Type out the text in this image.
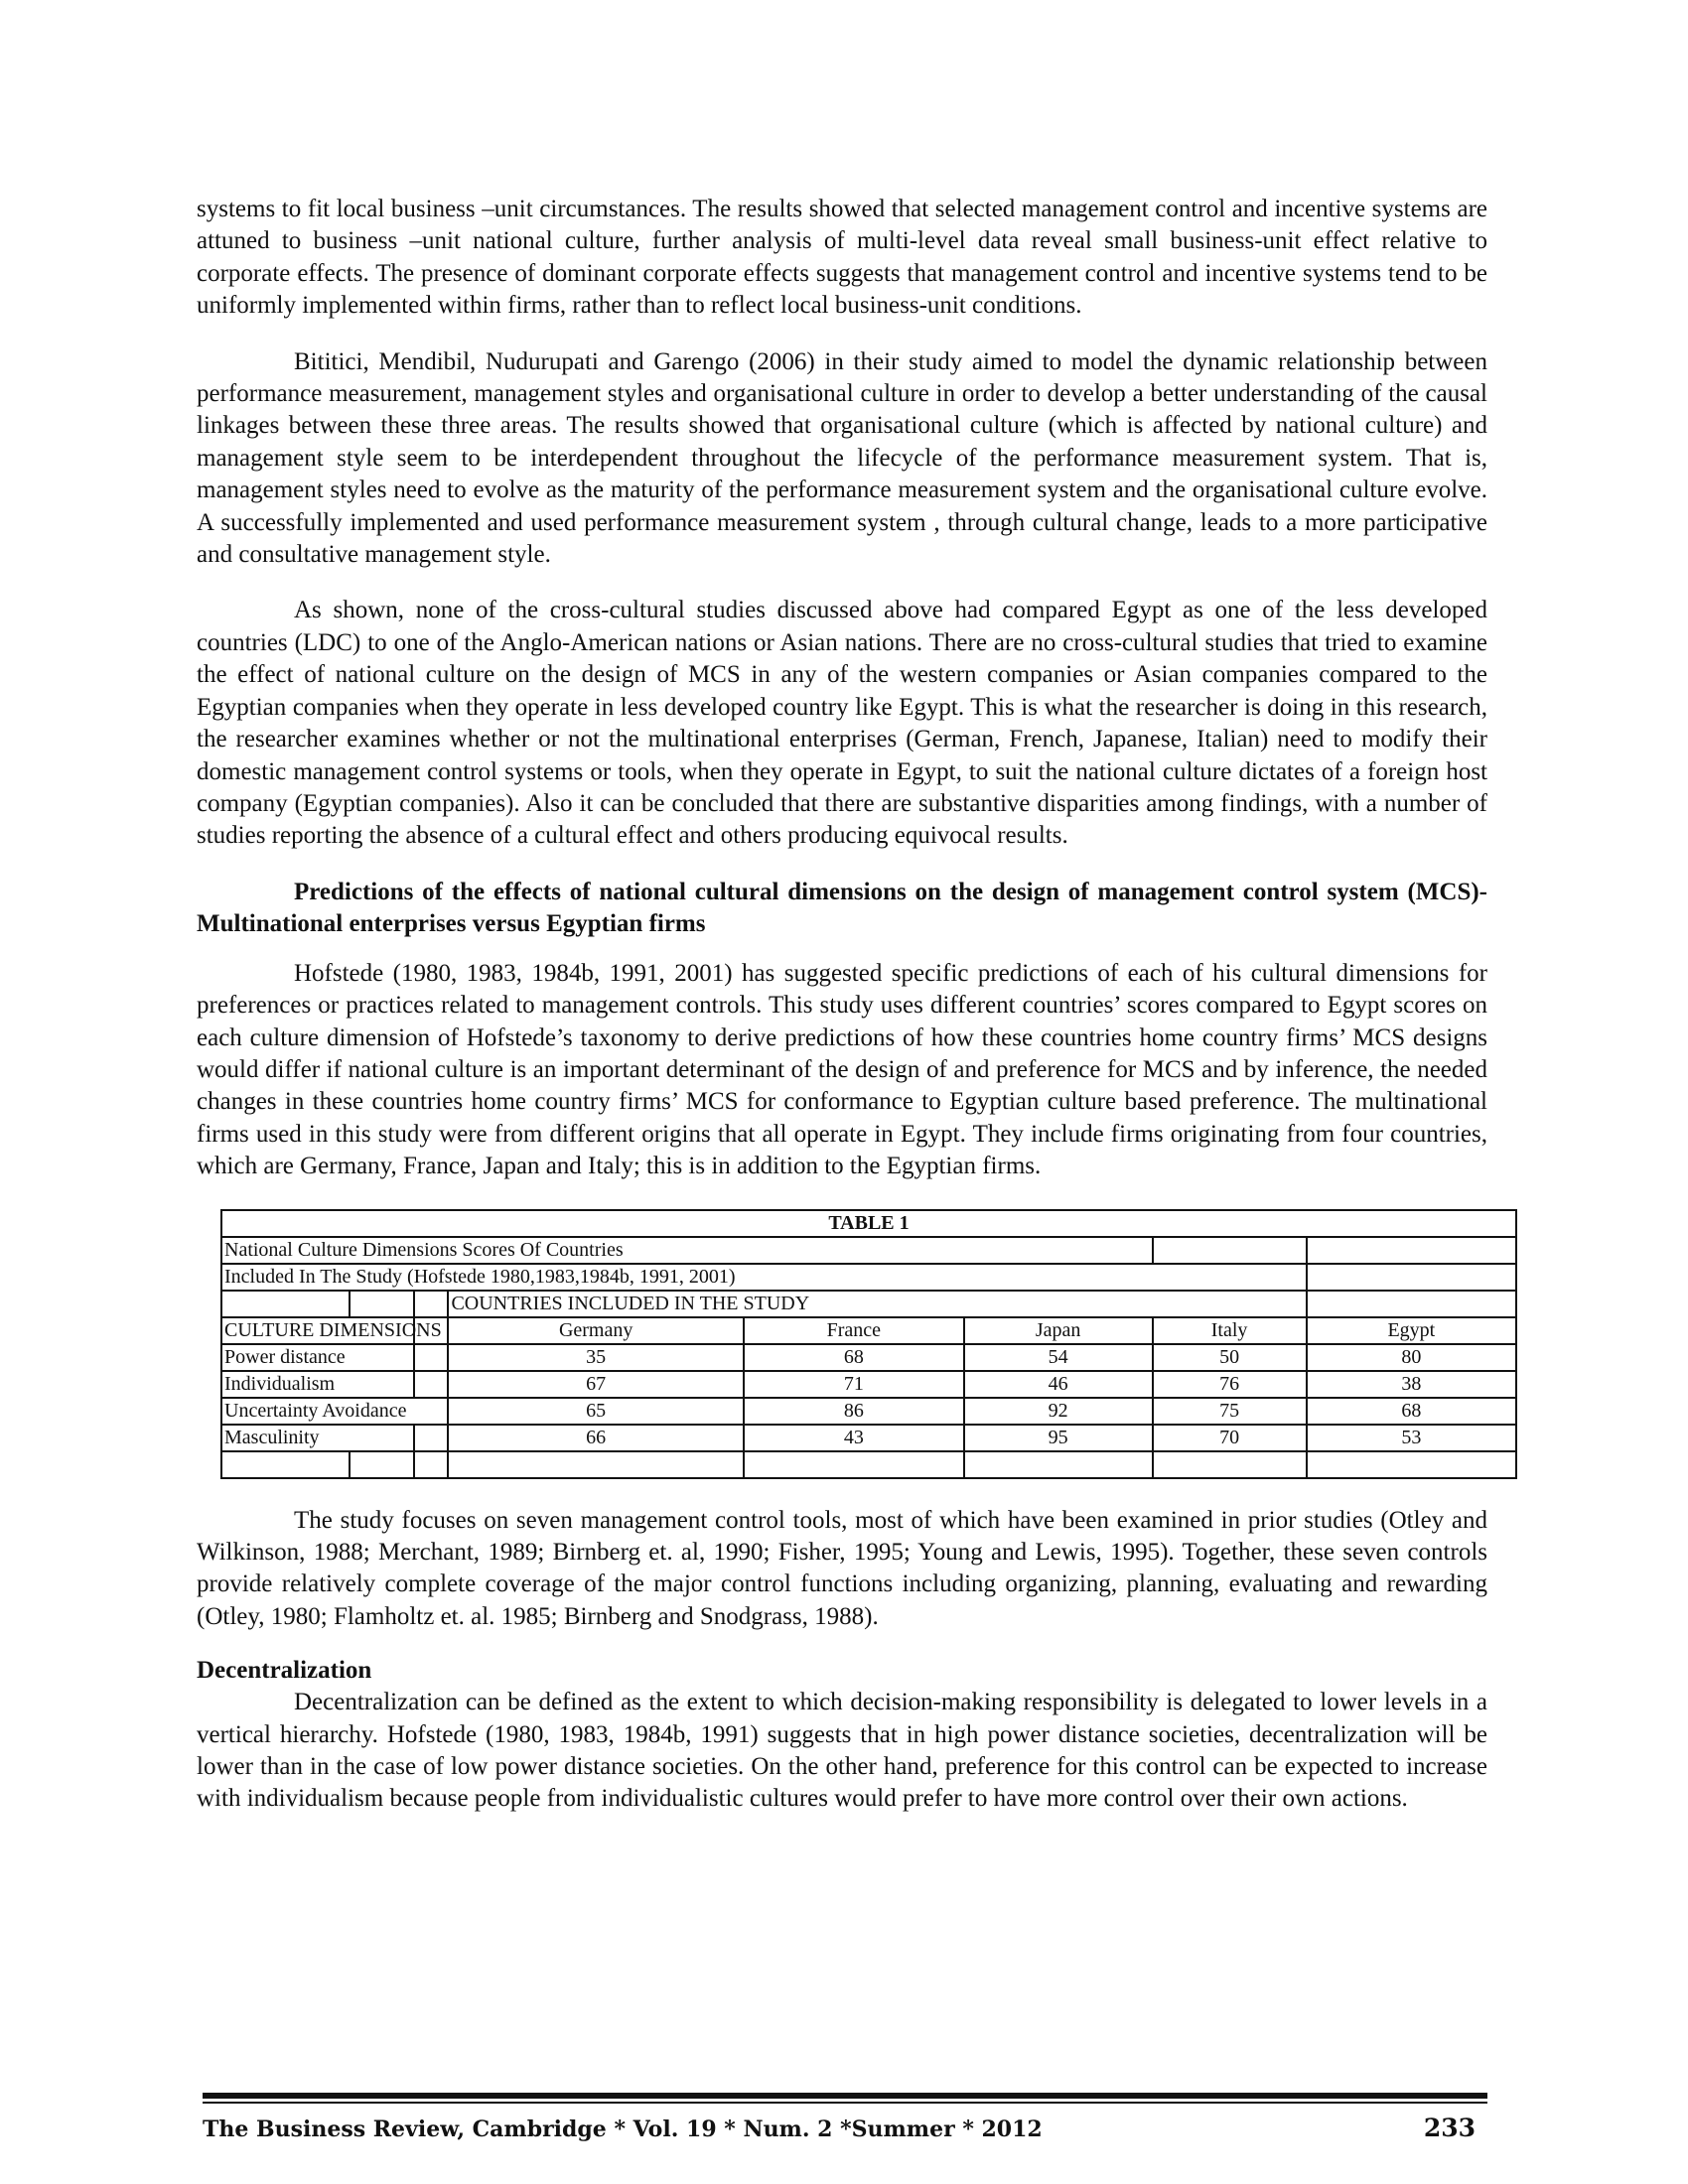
systems to fit local business –unit circumstances. The results showed that selected management control and incentive systems are attuned to business –unit national culture, further analysis of multi-level data reveal small business-unit effect relative to corporate effects. The presence of dominant corporate effects suggests that management control and incentive systems tend to be uniformly implemented within firms, rather than to reflect local business-unit conditions.

Bititici, Mendibil, Nudurupati and Garengo (2006) in their study aimed to model the dynamic relationship between performance measurement, management styles and organisational culture in order to develop a better understanding of the causal linkages between these three areas. The results showed that organisational culture (which is affected by national culture) and management style seem to be interdependent throughout the lifecycle of the performance measurement system. That is, management styles need to evolve as the maturity of the performance measurement system and the organisational culture evolve. A successfully implemented and used performance measurement system , through cultural change, leads to a more participative and consultative management style.

As shown, none of the cross-cultural studies discussed above had compared Egypt as one of the less developed countries (LDC) to one of the Anglo-American nations or Asian nations. There are no cross-cultural studies that tried to examine the effect of national culture on the design of MCS in any of the western companies or Asian companies compared to the Egyptian companies when they operate in less developed country like Egypt. This is what the researcher is doing in this research, the researcher examines whether or not the multinational enterprises (German, French, Japanese, Italian) need to modify their domestic management control systems or tools, when they operate in Egypt, to suit the national culture dictates of a foreign host company (Egyptian companies). Also it can be concluded that there are substantive disparities among findings, with a number of studies reporting the absence of a cultural effect and others producing equivocal results.

Predictions of the effects of national cultural dimensions on the design of management control system (MCS)- Multinational enterprises versus Egyptian firms

Hofstede (1980, 1983, 1984b, 1991, 2001) has suggested specific predictions of each of his cultural dimensions for preferences or practices related to management controls. This study uses different countries’ scores compared to Egypt scores on each culture dimension of Hofstede’s taxonomy to derive predictions of how these countries home country firms’ MCS designs would differ if national culture is an important determinant of the design of and preference for MCS and by inference, the needed changes in these countries home country firms’ MCS for conformance to Egyptian culture based preference. The multinational firms used in this study were from different origins that all operate in Egypt. They include firms originating from four countries, which are Germany, France, Japan and Italy; this is in addition to the Egyptian firms.

TABLE 1							
National Culture Dimensions Scores Of Countries							
Included In The Study (Hofstede 1980,1983,1984b, 1991, 2001)							
			COUNTRIES INCLUDED IN THE STUDY				
CULTURE DIMENSIONS			Germany	France	Japan	Italy	Egypt
Power distance			35	68	54	50	80
Individualism			67	71	46	76	38
Uncertainty Avoidance			65	86	92	75	68
Masculinity			66	43	95	70	53

The study focuses on seven management control tools, most of which have been examined in prior studies (Otley and Wilkinson, 1988; Merchant, 1989; Birnberg et. al, 1990; Fisher, 1995; Young and Lewis, 1995). Together, these seven controls provide relatively complete coverage of the major control functions including organizing, planning, evaluating and rewarding (Otley, 1980; Flamholtz et. al. 1985; Birnberg and Snodgrass, 1988).

Decentralization

Decentralization can be defined as the extent to which decision-making responsibility is delegated to lower levels in a vertical hierarchy. Hofstede (1980, 1983, 1984b, 1991) suggests that in high power distance societies, decentralization will be lower than in the case of low power distance societies. On the other hand, preference for this control can be expected to increase with individualism because people from individualistic cultures would prefer to have more control over their own actions.

The Business Review, Cambridge * Vol. 19 * Num. 2 *Summer * 2012	233
